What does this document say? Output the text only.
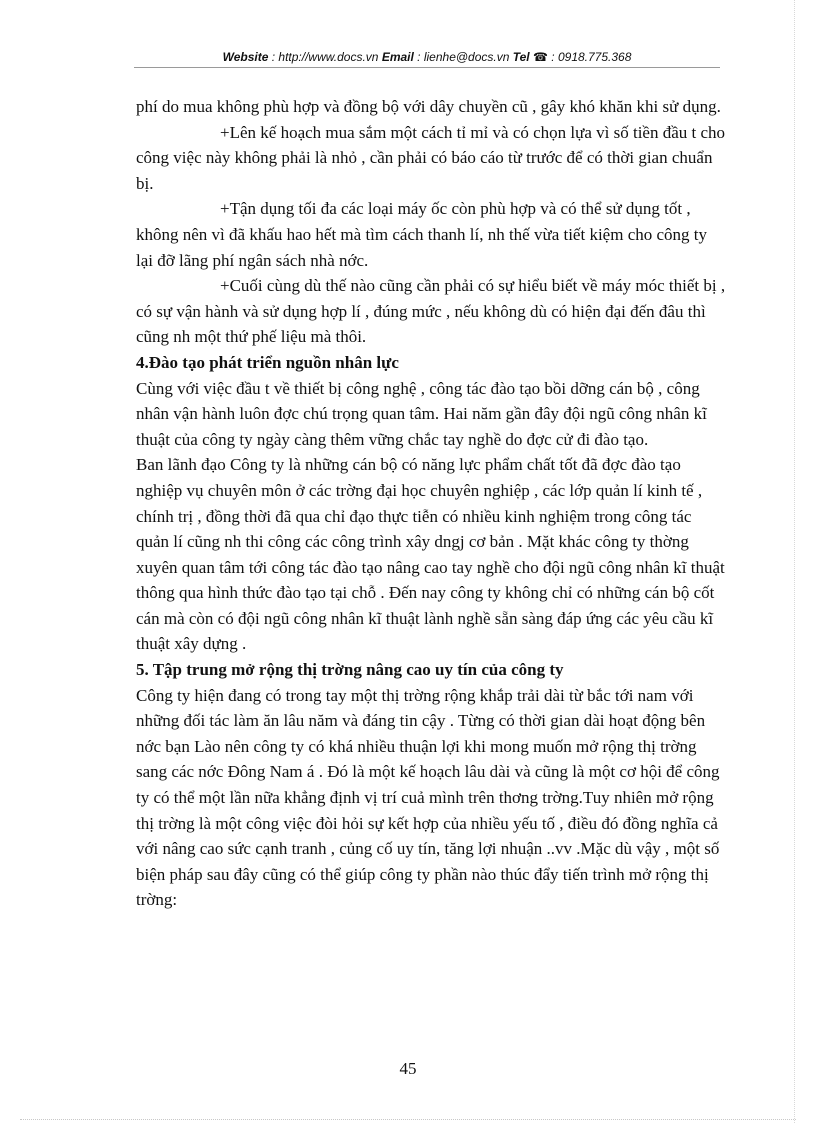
Website : http://www.docs.vn Email : lienhe@docs.vn Tel ☎ : 0918.775.368

phí do mua không phù hợp và đồng bộ với dây chuyền cũ , gây khó khăn khi sử dụng.

+Lên kế hoạch mua sắm một cách tỉ mỉ và có chọn lựa vì số tiền đầu t cho công việc này không phải là nhỏ , cần phải có báo cáo từ trước để có thời gian chuẩn bị.

+Tận dụng tối đa các loại máy ốc còn phù hợp và có thể sử dụng tốt , không nên vì đã khấu hao hết mà tìm cách thanh lí, nh thế vừa tiết kiệm cho công ty lại đỡ lãng phí ngân sách nhà nớc.

+Cuối cùng dù thế nào cũng cần phải có sự hiểu biết về máy móc thiết bị , có sự vận hành và sử dụng hợp lí , đúng mức , nếu không dù có hiện đại đến đâu thì cũng nh một thứ phế liệu mà thôi.

4.Đào tạo phát triển nguồn nhân lực

Cùng với việc đầu t về thiết bị công nghệ , công tác đào tạo bồi dỡng cán bộ , công nhân vận hành luôn đợc chú trọng quan tâm. Hai năm gần đây đội ngũ công nhân kĩ thuật của công ty ngày càng thêm vững chắc tay nghề do đợc cử đi đào tạo.

Ban lãnh đạo Công ty là những cán bộ có năng lực phẩm chất tốt đã đợc đào tạo nghiệp vụ chuyên môn ở các trờng đại học chuyên nghiệp , các lớp quản lí kinh tế , chính trị , đồng thời đã qua chỉ đạo thực tiễn có nhiều kinh nghiệm trong công tác quản lí cũng nh thi công các công trình xây dngj cơ bản . Mặt khác công ty thờng xuyên quan tâm tới công tác đào tạo nâng cao tay nghề cho đội ngũ công nhân kĩ thuật thông qua hình thức đào tạo tại chỗ . Đến nay công ty không chỉ có những cán bộ cốt cán mà còn có đội ngũ công nhân kĩ thuật lành nghề sẵn sàng đáp ứng các yêu cầu kĩ thuật xây dựng .

5. Tập trung mở rộng thị trờng nâng cao uy tín của công ty

Công ty hiện đang có trong tay một thị trờng rộng khắp trải dài từ bắc tới nam với những đối tác làm ăn lâu năm và đáng tin cậy . Từng có thời gian dài hoạt động bên nớc bạn Lào nên công ty có khá nhiều thuận lợi khi mong muốn mở rộng thị trờng sang các nớc Đông Nam á . Đó là một kế hoạch lâu dài và cũng là một cơ hội để công ty có thể một lần nữa khẳng định vị trí cuả mình trên thơng trờng.Tuy nhiên mở rộng thị trờng là một công việc đòi hỏi sự kết hợp của nhiều yếu tố , điều đó đồng nghĩa cả với nâng cao sức cạnh tranh , củng cố uy tín, tăng lợi nhuận ..vv .Mặc dù vậy , một số biện pháp sau đây cũng có thể giúp công ty phần nào thúc đẩy tiến trình mở rộng thị trờng:

45
